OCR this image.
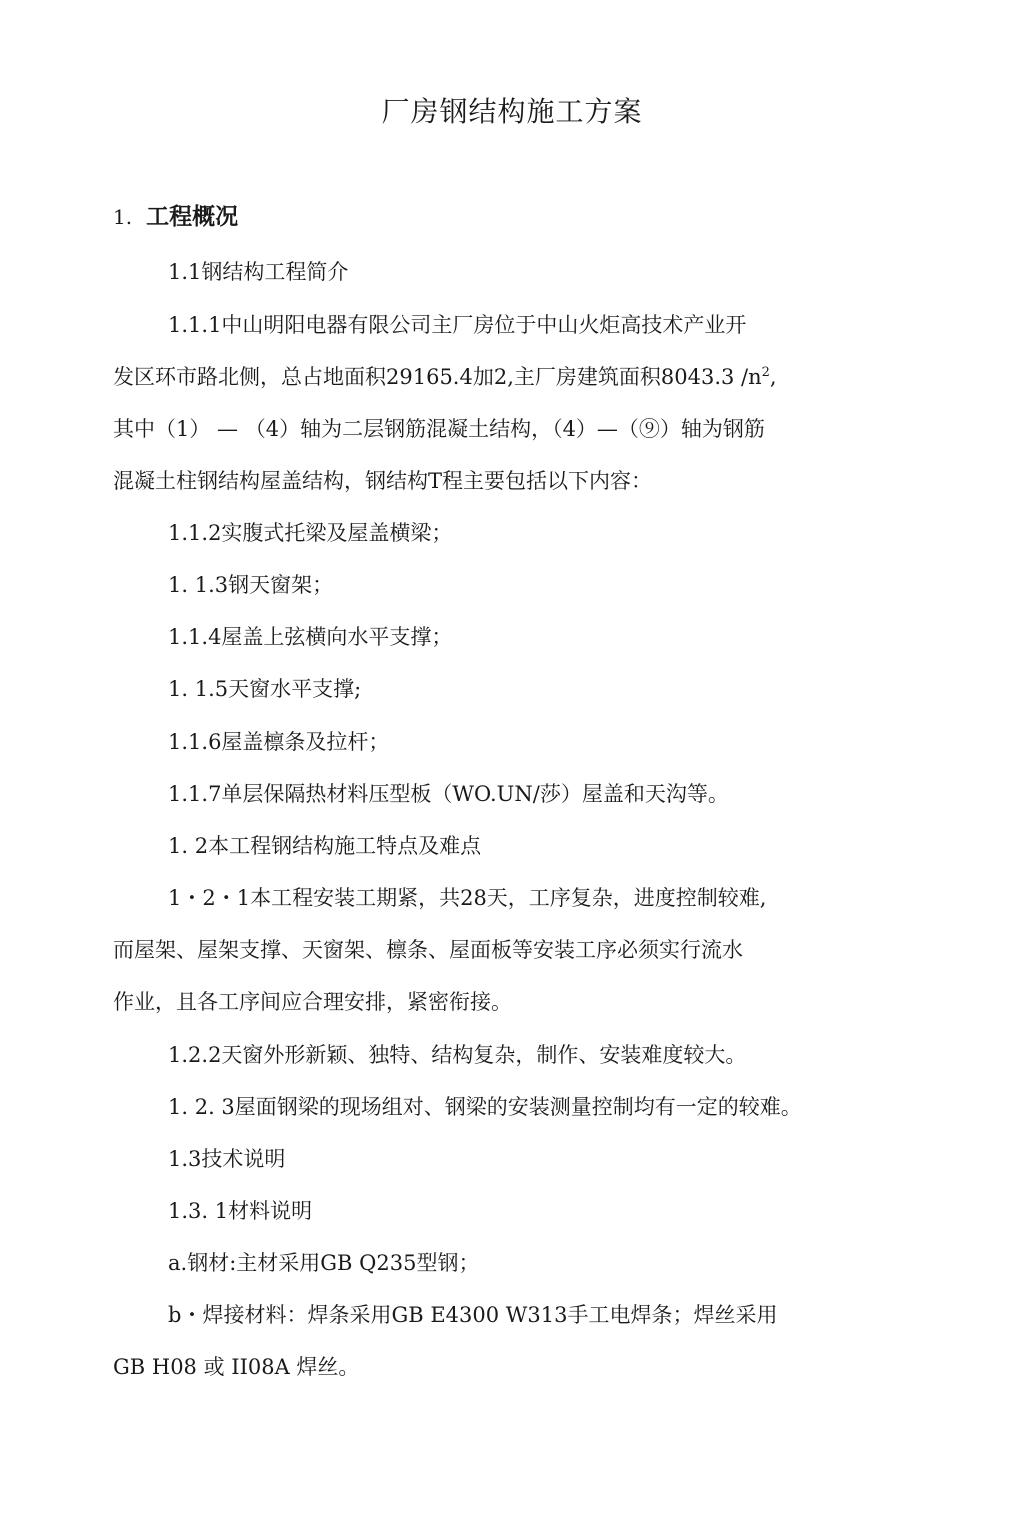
厂房钢结构施工方案
1. 工程概况
1.1钢结构工程简介
1.1.1中山明阳电器有限公司主厂房位于中山火炬高技术产业开
发区环市路北侧，总占地面积29165.4加2,主厂房建筑面积8043.3 $/n^2$,
其中（1） — （4）轴为二层钢筋混凝土结构，（4）—（⑨）轴为钢筋
混凝土柱钢结构屋盖结构，钢结构T程主要包括以下内容：
1.1.2实腹式托梁及屋盖横梁；
1. 1.3钢天窗架；
1.1.4屋盖上弦横向水平支撑；
1. 1.5天窗水平支撑;
1.1.6屋盖檩条及拉杆；
1.1.7单层保隔热材料压型板（WO.UN/莎）屋盖和天沟等。
1. 2本工程钢结构施工特点及难点
1・2・1本工程安装工期紧，共28天，工序复杂，进度控制较难,
而屋架、屋架支撑、天窗架、檩条、屋面板等安装工序必须实行流水
作业，且各工序间应合理安排，紧密衔接。
1.2.2天窗外形新颖、独特、结构复杂，制作、安装难度较大。
1. 2. 3屋面钢梁的现场组对、钢梁的安装测量控制均有一定的较难。
1.3技术说明
1.3. 1材料说明
a.钢材:主材采用GB Q235型钢；
b・焊接材料：焊条采用GB E4300 W313手工电焊条；焊丝采用
GB H08 或 II08A 焊丝。
